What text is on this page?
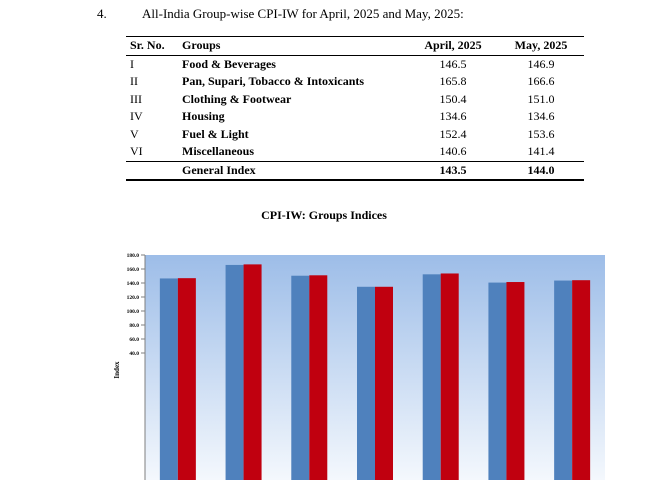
4.	All-India Group-wise CPI-IW for April, 2025 and May, 2025:
Sr. No.	Groups	April, 2025	May, 2025
I	Food & Beverages	146.5	146.9
II	Pan, Supari, Tobacco & Intoxicants	165.8	166.6
III	Clothing & Footwear	150.4	151.0
IV	Housing	134.6	134.6
V	Fuel & Light	152.4	153.6
VI	Miscellaneous	140.6	141.4
	General Index	143.5	144.0
CPI-IW: Groups Indices
180.0
160.0
140.0
120.0
100.0
80.0
60.0
40.0
Index
